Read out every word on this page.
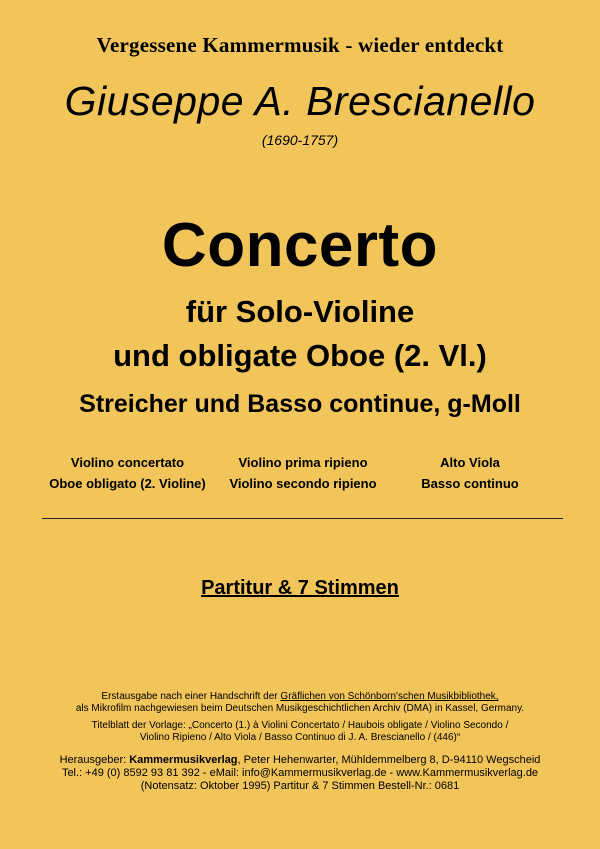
Vergessene Kammermusik - wieder entdeckt
Giuseppe A. Brescianello
(1690-1757)
Concerto
für Solo-Violine
und obligate Oboe (2. Vl.)
Streicher und Basso continue, g-Moll
Violino concertato
Oboe obligato (2. Violine)
Violino prima ripieno
Violino secondo ripieno
Alto Viola
Basso continuo
Partitur & 7 Stimmen
Erstausgabe nach einer Handschrift der Gräflichen von Schönborn'schen Musikbibliothek,
als Mikrofilm nachgewiesen beim Deutschen Musikgeschichtlichen Archiv (DMA) in Kassel, Germany.
Titelblatt der Vorlage: „Concerto (1.) à Violini Concertato / Haubois obligate / Violino Secondo /
Violino Ripieno / Alto Viola / Basso Continuo di J. A. Brescianello / (446)“
Herausgeber: Kammermusikverlag, Peter Hehenwarter, Mühldemmelberg 8, D-94110 Wegscheid
Tel.: +49 (0) 8592 93 81 392 - eMail: info@Kammermusikverlag.de - www.Kammermusikverlag.de
(Notensatz: Oktober 1995) Partitur & 7 Stimmen Bestell-Nr.: 0681
